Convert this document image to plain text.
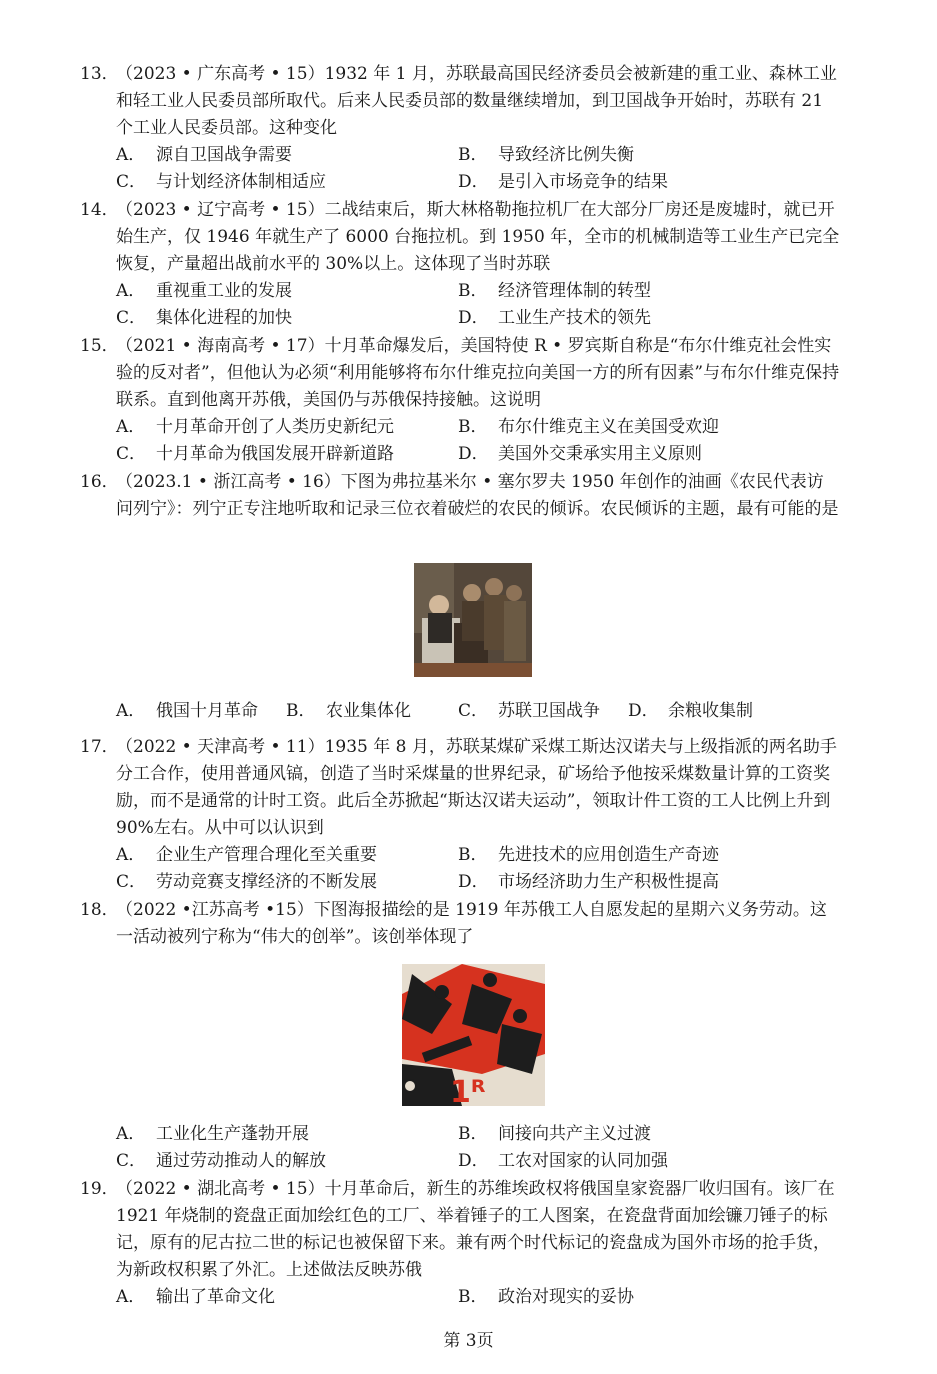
13．（2023 • 广东高考 • 15）1932 年 1 月，苏联最高国民经济委员会被新建的重工业、森林工业和轻工业人民委员部所取代。后来人民委员部的数量继续增加，到卫国战争开始时，苏联有 21 个工业人民委员部。这种变化
A． 源自卫国战争需要	B． 导致经济比例失衡
C． 与计划经济体制相适应	D． 是引入市场竞争的结果
14．（2023 • 辽宁高考 • 15）二战结束后，斯大林格勒拖拉机厂在大部分厂房还是废墟时，就已开始生产，仅 1946 年就生产了 6000 台拖拉机。到 1950 年，全市的机械制造等工业生产已完全恢复，产量超出战前水平的 30%以上。这体现了当时苏联
A． 重视重工业的发展	B． 经济管理体制的转型
C． 集体化进程的加快	D． 工业生产技术的领先
15．（2021 • 海南高考 • 17）十月革命爆发后，美国特使 R • 罗宾斯自称是“布尔什维克社会性实验的反对者”，但他认为必须“利用能够将布尔什维克拉向美国一方的所有因素”与布尔什维克保持联系。直到他离开苏俄，美国仍与苏俄保持接触。这说明
A． 十月革命开创了人类历史新纪元	B． 布尔什维克主义在美国受欢迎
C． 十月革命为俄国发展开辟新道路	D． 美国外交秉承实用主义原则
16．（2023.1 • 浙江高考 • 16）下图为弗拉基米尔 • 塞尔罗夫 1950 年创作的油画《农民代表访问列宁》：列宁正专注地听取和记录三位衣着破烂的农民的倾诉。农民倾诉的主题，最有可能的是
A． 俄国十月革命 B． 农业集体化	C． 苏联卫国战争 D． 余粮收集制
17．（2022 • 天津高考 • 11）1935 年 8 月，苏联某煤矿采煤工斯达汉诺夫与上级指派的两名助手分工合作，使用普通风镐，创造了当时采煤量的世界纪录，矿场给予他按采煤数量计算的工资奖励，而不是通常的计时工资。此后全苏掀起“斯达汉诺夫运动”，领取计件工资的工人比例上升到 90%左右。从中可以认识到
A． 企业生产管理合理化至关重要	B． 先进技术的应用创造生产奇迹
C． 劳动竞赛支撑经济的不断发展	D． 市场经济助力生产积极性提高
18．（2022 •江苏高考 •15）下图海报描绘的是 1919 年苏俄工人自愿发起的星期六义务劳动。这一活动被列宁称为“伟大的创举”。该创举体现了
1ᴿ
A． 工业化生产蓬勃开展	B． 间接向共产主义过渡
C． 通过劳动推动人的解放	D． 工农对国家的认同加强
19．（2022 • 湖北高考 • 15）十月革命后，新生的苏维埃政权将俄国皇家瓷器厂收归国有。该厂在 1921 年烧制的瓷盘正面加绘红色的工厂、举着锤子的工人图案，在瓷盘背面加绘镰刀锤子的标记，原有的尼古拉二世的标记也被保留下来。兼有两个时代标记的瓷盘成为国外市场的抢手货，为新政权积累了外汇。上述做法反映苏俄
A． 输出了革命文化	B． 政治对现实的妥协
第 3页
